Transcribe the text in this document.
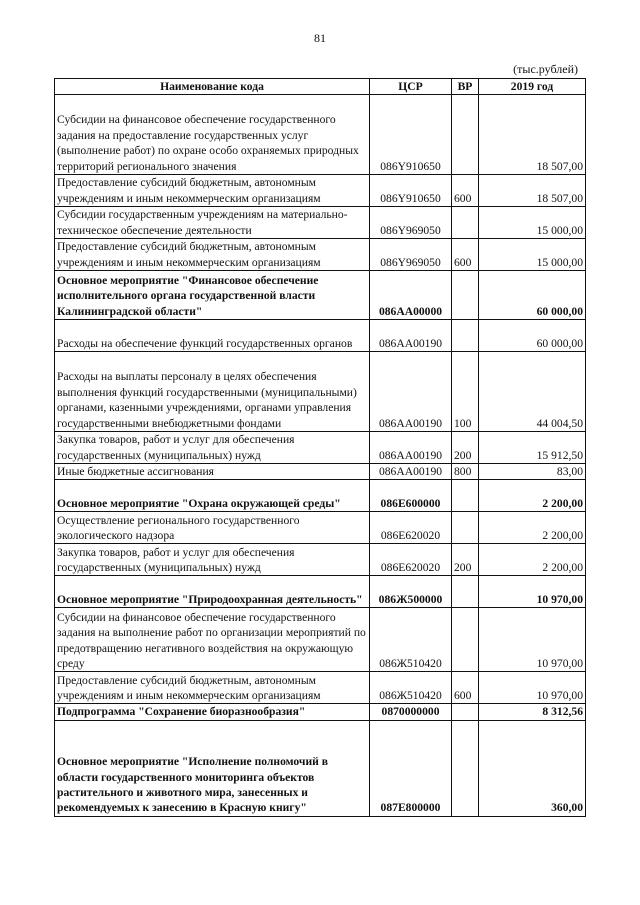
81
(тыс.рублей)
Наименование кода	ЦСР	ВР	2019 год
Субсидии на финансовое обеспечение государственного задания на предоставление государственных услуг (выполнение работ) по охране особо охраняемых природных территорий регионального значения	086Y910650		18 507,00
Предоставление субсидий бюджетным, автономным учреждениям и иным некоммерческим организациям	086Y910650	600	18 507,00
Субсидии государственным учреждениям на материально-техническое обеспечение деятельности	086Y969050		15 000,00
Предоставление субсидий бюджетным, автономным учреждениям и иным некоммерческим организациям	086Y969050	600	15 000,00
Основное мероприятие "Финансовое обеспечение исполнительного органа государственной власти Калининградской области"	086АА00000		60 000,00
Расходы на обеспечение функций государственных органов	086АА00190		60 000,00
Расходы на выплаты персоналу в целях обеспечения выполнения функций государственными (муниципальными) органами, казенными учреждениями, органами управления государственными внебюджетными фондами	086АА00190	100	44 004,50
Закупка товаров, работ и услуг для обеспечения государственных (муниципальных) нужд	086АА00190	200	15 912,50
Иные бюджетные ассигнования	086АА00190	800	83,00
Основное мероприятие "Охрана окружающей среды"	086Е600000		2 200,00
Осуществление регионального государственного экологического надзора	086Е620020		2 200,00
Закупка товаров, работ и услуг для обеспечения государственных (муниципальных) нужд	086Е620020	200	2 200,00
Основное мероприятие "Природоохранная деятельность"	086Ж500000		10 970,00
Субсидии на финансовое обеспечение государственного задания на выполнение работ по организации мероприятий по предотвращению негативного воздействия на окружающую среду	086Ж510420		10 970,00
Предоставление субсидий бюджетным, автономным учреждениям и иным некоммерческим организациям	086Ж510420	600	10 970,00
Подпрограмма "Сохранение биоразнообразия"	0870000000		8 312,56
Основное мероприятие "Исполнение полномочий в области государственного мониторинга объектов растительного и животного мира, занесенных и рекомендуемых к занесению в Красную книгу"	087Е800000		360,00
